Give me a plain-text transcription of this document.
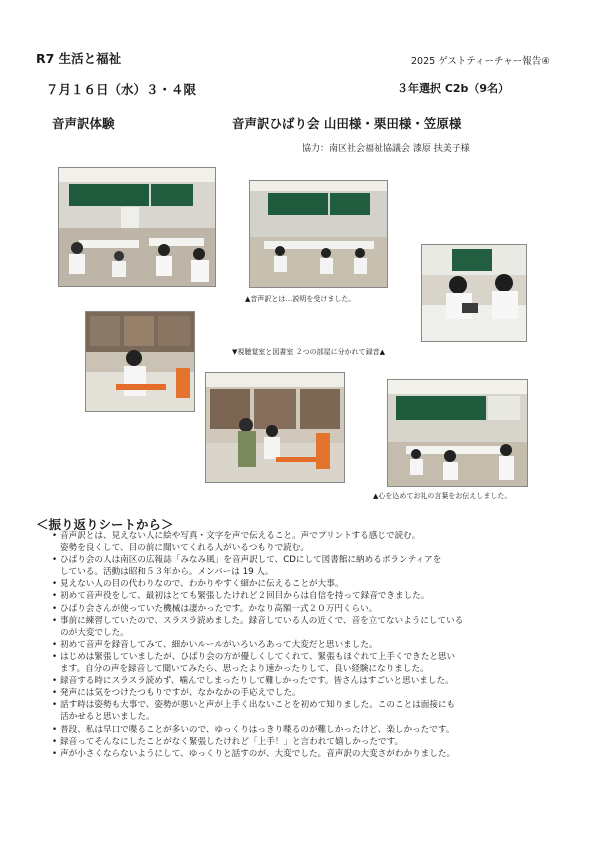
R7 生活と福祉	2025 ゲストティーチャー報告④
７月１６日（水）３・４限	３年選択 C2b（9名）
音声訳体験	音声訳ひばり会 山田様・栗田様・笠原様
協力：南区社会福祉協議会 漆原 扶美子様
▲音声訳とは…説明を受けました。
▼視聴覚室と図書室 ２つの部屋に分かれて録音▲
▲心を込めてお礼の言葉をお伝えしました。
＜振り返りシートから＞
• 音声訳とは、見えない人に絵や写真・文字を声で伝えること。声でプリントする感じで読む。
姿勢を良くして、目の前に聞いてくれる人がいるつもりで読む。
• ひばり会の人は南区の広報誌「みなみ風」を音声訳して、CDにして図書館に納めるボランティアを
している。活動は昭和５３年から。メンバーは 19 人。
• 見えない人の目の代わりなので、わかりやすく細かに伝えることが大事。
• 初めて音声役をして、最初はとても緊張したけれど２回目からは自信を持って録音できました。
• ひばり会さんが使っていた機械は凄かったです。かなり高額一式２０万円くらい。
• 事前に練習していたので、スラスラ読めました。録音している人の近くで、音を立てないようにしている
のが大変でした。
• 初めて音声を録音してみて、細かいルールがいろいろあって大変だと思いました。
• はじめは緊張していましたが、ひばり会の方が優しくしてくれて、緊張もほぐれて上手くできたと思い
ます。自分の声を録音して聞いてみたら、思ったより速かったりして、良い経験になりました。
• 録音する時にスラスラ読めず、噛んでしまったりして難しかったです。皆さんはすごいと思いました。
• 発声には気をつけたつもりですが、なかなかの手応えでした。
• 話す時は姿勢も大事で、姿勢が悪いと声が上手く出ないことを初めて知りました。このことは面接にも
活かせると思いました。
• 普段、私は早口で喋ることが多いので、ゆっくりはっきり喋るのが難しかったけど、楽しかったです。
• 録音ってそんなにしたことがなく緊張したけれど「上手！」と言われて嬉しかったです。
• 声が小さくならないようにして、ゆっくりと話すのが、大変でした。音声訳の大変さがわかりました。
